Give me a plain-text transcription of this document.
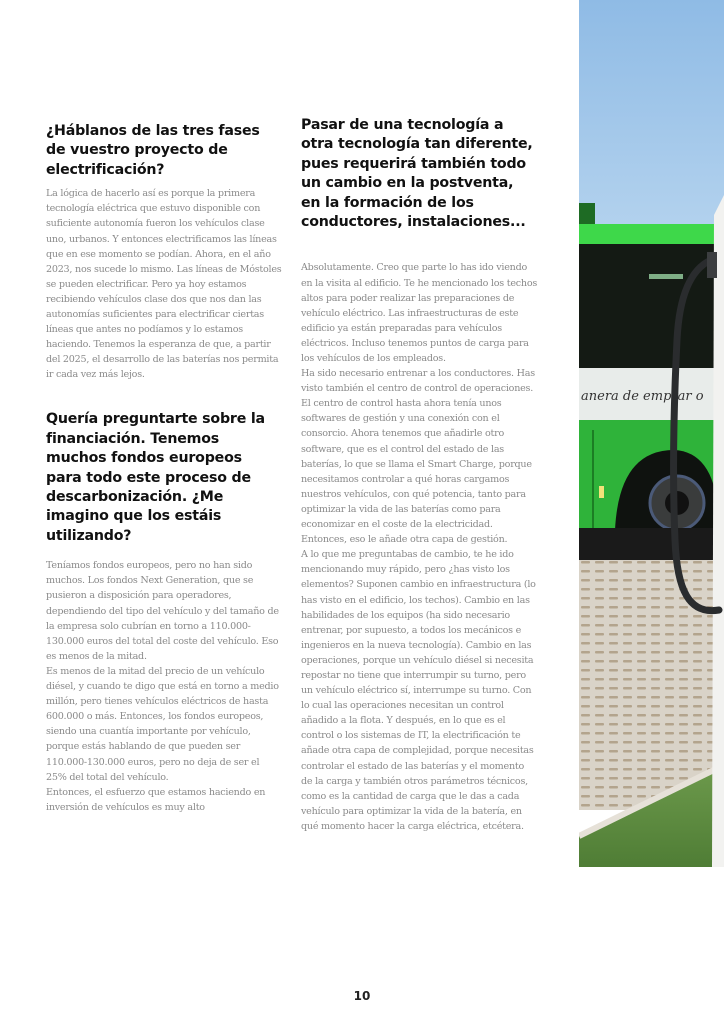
¿Háblanos de las tres fases de vuestro proyecto de electrificación?

La lógica de hacerlo así es porque la primera tecnología eléctrica que estuvo disponible con suficiente autonomía fueron los vehículos clase uno, urbanos. Y entonces electrificamos las líneas que en ese momento se podían. Ahora, en el año 2023, nos sucede lo mismo. Las líneas de Móstoles se pueden electrificar. Pero ya hoy estamos recibiendo vehículos clase dos que nos dan las autonomías suficientes para electrificar ciertas líneas que antes no podíamos y lo estamos haciendo. Tenemos la esperanza de que, a partir del 2025, el desarrollo de las baterías nos permita ir cada vez más lejos.

Quería preguntarte sobre la financiación. Tenemos muchos fondos europeos para todo este proceso de descarbonización. ¿Me imagino que los estáis utilizando?

Teníamos fondos europeos, pero no han sido muchos. Los fondos Next Generation, que se pusieron a disposición para operadores, dependiendo del tipo del vehículo y del tamaño de la empresa solo cubrían en torno a 110.000-130.000 euros del total del coste del vehículo. Eso es menos de la mitad.

Es menos de la mitad del precio de un vehículo diésel, y cuando te digo que está en torno a medio millón, pero tienes vehículos eléctricos de hasta 600.000 o más. Entonces, los fondos europeos, siendo una cuantía importante por vehículo, porque estás hablando de que pueden ser 110.000-130.000 euros, pero no deja de ser el 25% del total del vehículo.

Entonces, el esfuerzo que estamos haciendo en inversión de vehículos es muy alto

Pasar de una tecnología a otra tecnología tan diferente, pues requerirá también todo un cambio en la postventa, en la formación de los conductores, instalaciones...

Absolutamente. Creo que parte lo has ido viendo en la visita al edificio. Te he mencionado los techos altos para poder realizar las preparaciones de vehículo eléctrico. Las infraestructuras de este edificio ya están preparadas para vehículos eléctricos. Incluso tenemos puntos de carga para los vehículos de los empleados.

Ha sido necesario entrenar a los conductores. Has visto también el centro de control de operaciones. El centro de control hasta ahora tenía unos softwares de gestión y una conexión con el consorcio. Ahora tenemos que añadirle otro software, que es el control del estado de las baterías, lo que se llama el Smart Charge, porque necesitamos controlar a qué horas cargamos nuestros vehículos, con qué potencia, tanto para optimizar la vida de las baterías como para economizar en el coste de la electricidad. Entonces, eso le añade otra capa de gestión.

A lo que me preguntabas de cambio, te he ido mencionando muy rápido, pero ¿has visto los elementos? Suponen cambio en infraestructura (lo has visto en el edificio, los techos). Cambio en las habilidades de los equipos (ha sido necesario entrenar, por supuesto, a todos los mecánicos e ingenieros en la nueva tecnología). Cambio en las operaciones, porque un vehículo diésel si necesita repostar no tiene que interrumpir su turno, pero un vehículo eléctrico sí, interrumpe su turno. Con lo cual las operaciones necesitan un control añadido a la flota. Y después, en lo que es el control o los sistemas de IT, la electrificación te añade otra capa de complejidad, porque necesitas controlar el estado de las baterías y el momento de la carga y también otros parámetros técnicos, como es la cantidad de carga que le das a cada vehículo para optimizar la vida de la batería, en qué momento hacer la carga eléctrica, etcétera.

anera de emprar o
10
